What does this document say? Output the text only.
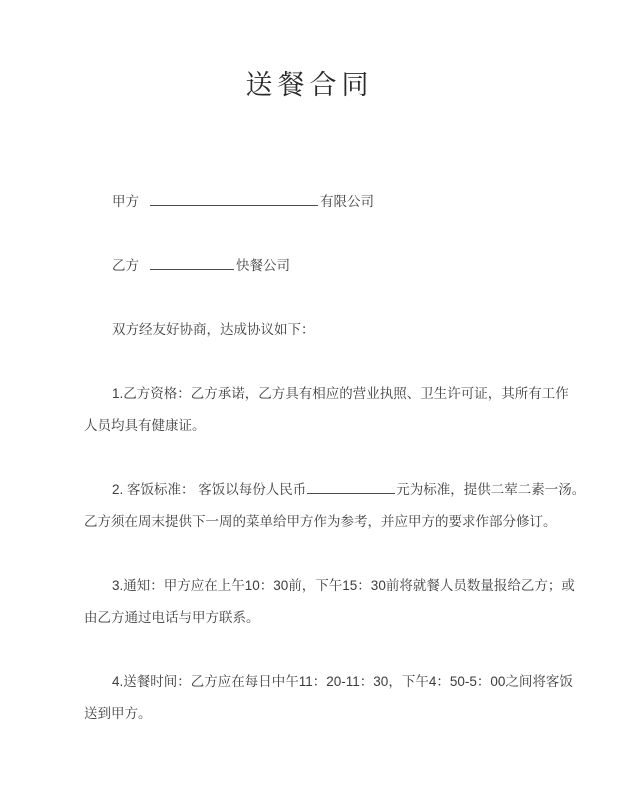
送餐合同
甲方	有限公司
乙方	快餐公司
双方经友好协商，达成协议如下：
1.乙方资格：乙方承诺，乙方具有相应的营业执照、卫生许可证，其所有工作
人员均具有健康证。
2. 客饭标准： 客饭以每份人民币	元为标准，提供二荤二素一汤。
乙方须在周末提供下一周的菜单给甲方作为参考，并应甲方的要求作部分修订。
3.通知：甲方应在上午10：30前，下午15：30前将就餐人员数量报给乙方；或
由乙方通过电话与甲方联系。
4.送餐时间：乙方应在每日中午11：20-11：30，下午4：50-5：00之间将客饭
送到甲方。
